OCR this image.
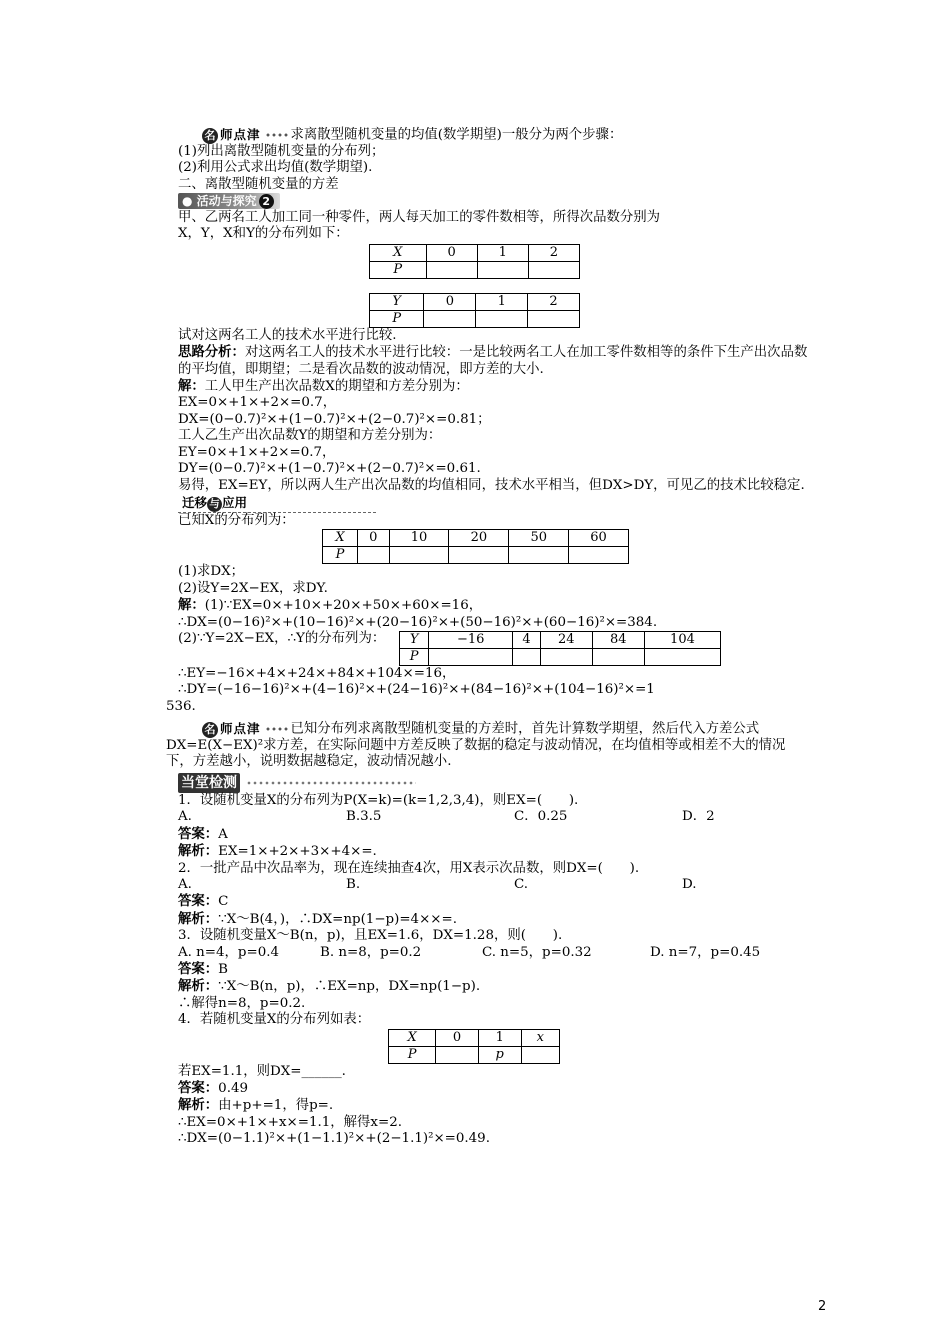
名 师点津 求离散型随机变量的均值(数学期望)一般分为两个步骤：
(1)列出离散型随机变量的分布列；
(2)利用公式求出均值(数学期望).
二、离散型随机变量的方差
● 活动与探究 2
甲、乙两名工人加工同一种零件，两人每天加工的零件数相等，所得次品数分别为
X，Y，X和Y的分布列如下：
X	0	1	2
P			
Y	0	1	2
P			
试对这两名工人的技术水平进行比较.
思路分析：对这两名工人的技术水平进行比较：一是比较两名工人在加工零件数相等的条件下生产出次品数的平均值，即期望；二是看次品数的波动情况，即方差的大小.
解：工人甲生产出次品数X的期望和方差分别为：
EX=0×+1×+2×=0.7，
DX=(0−0.7)²×+(1−0.7)²×+(2−0.7)²×=0.81；
工人乙生产出次品数Y的期望和方差分别为：
EY=0×+1×+2×=0.7，
DY=(0−0.7)²×+(1−0.7)²×+(2−0.7)²×=0.61.
易得，EX=EY，所以两人生产出次品数的均值相同，技术水平相当，但DX>DY，可见乙的技术比较稳定.
迁移 与 应用
已知X的分布列为：
X	0	10	20	50	60
P					
(1)求DX；
(2)设Y=2X−EX，求DY.
解：(1)∵EX=0×+10×+20×+50×+60×=16，
∴DX=(0−16)²×+(10−16)²×+(20−16)²×+(50−16)²×+(60−16)²×=384.
(2)∵Y=2X−EX，∴Y的分布列为： Y	−16	4	24	84	104
P					
∴EY=−16×+4×+24×+84×+104×=16，
∴DY=(−16−16)²×+(4−16)²×+(24−16)²×+(84−16)²×+(104−16)²×=1
536.
名 师点津 已知分布列求离散型随机变量的方差时，首先计算数学期望，然后代入方差公式DX=E(X−EX)²求方差，在实际问题中方差反映了数据的稳定与波动情况，在均值相等或相差不大的情况下，方差越小，说明数据越稳定，波动情况越小.
当堂检测
1．设随机变量X的分布列为P(X=k)=(k=1,2,3,4)，则EX=(　　).
A.	B.3.5	C．0.25	D．2
答案：A
解析：EX=1×+2×+3×+4×=.
2．一批产品中次品率为，现在连续抽查4次，用X表示次品数，则DX=(　　).
A.	B.	C.	D.
答案：C
解析：∵X～B(4，)，∴DX=np(1−p)=4××=.
3．设随机变量X～B(n，p)，且EX=1.6，DX=1.28，则(　　).
A. n=4，p=0.4	B. n=8，p=0.2	C. n=5，p=0.32	D. n=7，p=0.45
答案：B
解析：∵X～B(n，p)，∴EX=np，DX=np(1−p).
∴解得n=8，p=0.2.
4．若随机变量X的分布列如表：
X	0	1	x
P		p	
若EX=1.1，则DX=______.
答案：0.49
解析：由+p+=1，得p=.
∴EX=0×+1×+x×=1.1，解得x=2.
∴DX=(0−1.1)²×+(1−1.1)²×+(2−1.1)²×=0.49.
2
